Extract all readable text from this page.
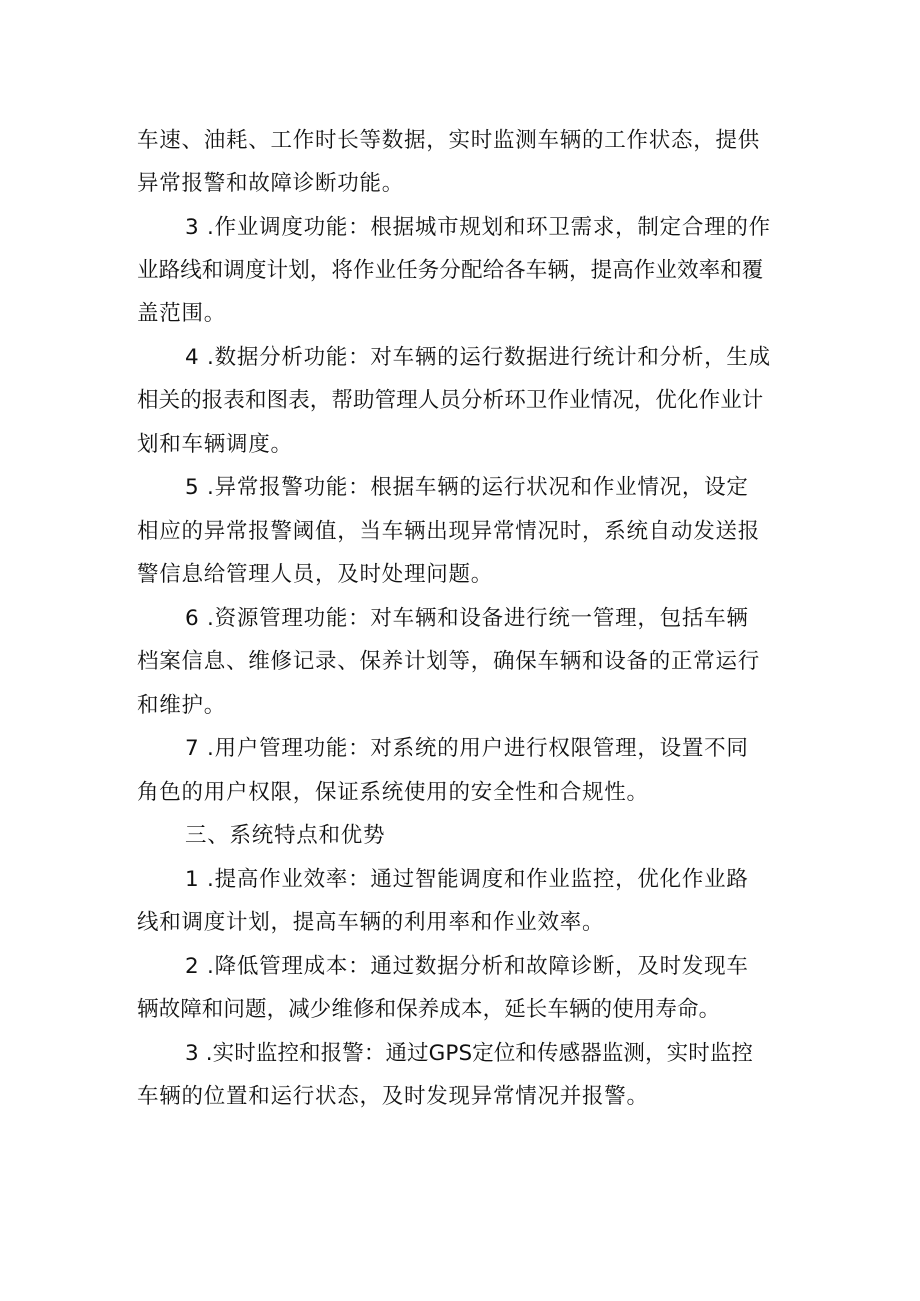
车速、油耗、工作时长等数据，实时监测车辆的工作状态，提供
异常报警和故障诊断功能。
3 .作业调度功能：根据城市规划和环卫需求，制定合理的作
业路线和调度计划，将作业任务分配给各车辆，提高作业效率和覆
盖范围。
4 .数据分析功能：对车辆的运行数据进行统计和分析，生成
相关的报表和图表，帮助管理人员分析环卫作业情况，优化作业计
划和车辆调度。
5 .异常报警功能：根据车辆的运行状况和作业情况，设定
相应的异常报警阈值，当车辆出现异常情况时，系统自动发送报
警信息给管理人员，及时处理问题。
6 .资源管理功能：对车辆和设备进行统一管理，包括车辆
档案信息、维修记录、保养计划等，确保车辆和设备的正常运行
和维护。
7 .用户管理功能：对系统的用户进行权限管理，设置不同
角色的用户权限，保证系统使用的安全性和合规性。
三、系统特点和优势
1 .提高作业效率：通过智能调度和作业监控，优化作业路
线和调度计划，提高车辆的利用率和作业效率。
2 .降低管理成本：通过数据分析和故障诊断，及时发现车
辆故障和问题，减少维修和保养成本，延长车辆的使用寿命。
3 .实时监控和报警：通过GPS定位和传感器监测，实时监控
车辆的位置和运行状态，及时发现异常情况并报警。
